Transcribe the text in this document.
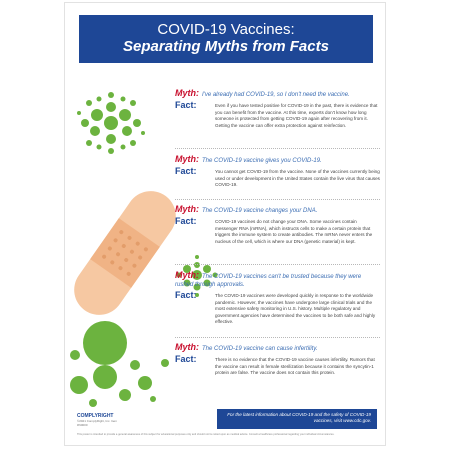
COVID-19 Vaccines:
Separating Myths from Facts
Myth: I've already had COVID-19, so I don't need the vaccine.
Fact:	Even if you have tested positive for COVID-19 in the past, there is evidence that you can benefit from the vaccine. At this time, experts don't know how long someone is protected from getting COVID-19 again after recovering from it. Getting the vaccine can offer extra protection against reinfection.
Myth: The COVID-19 vaccine gives you COVID-19.
Fact:	You cannot get COVID-19 from the vaccine. None of the vaccines currently being used or under development in the United States contain the live virus that causes COVID-19.
Myth: The COVID-19 vaccine changes your DNA.
Fact:	COVID-19 vaccines do not change your DNA. Some vaccines contain messenger RNA (mRNA), which instructs cells to make a certain protein that triggers the immune system to create antibodies. The mRNA never enters the nucleus of the cell, which is where our DNA (genetic material) is kept.
Myth: The COVID-19 vaccines can't be trusted because they were rushed through approvals.
Fact:	The COVID-19 vaccines were developed quickly in response to the worldwide pandemic. However, the vaccines have undergone large clinical trials and the most extensive safety monitoring in U.S. history. Multiple regulatory and government agencies have determined the vaccines to be both safe and highly effective.
Myth: The COVID-19 vaccine can cause infertility.
Fact:	There is no evidence that the COVID-19 vaccine causes infertility. Rumors that the vaccine can result in female sterilization because it contains the syncytin-1 protein are false. The vaccine does not contain this protein.
For the latest information about COVID-19 and the safety of COVID-19 vaccines, visit www.cdc.gov.
COMPLYRIGHT
©2021 ComplyRight, Inc. Item #N0000
This poster is intended to provide a general awareness of this subject for educational purposes only and should not be relied upon as medical advice. Consult a healthcare professional regarding your individual circumstances.
